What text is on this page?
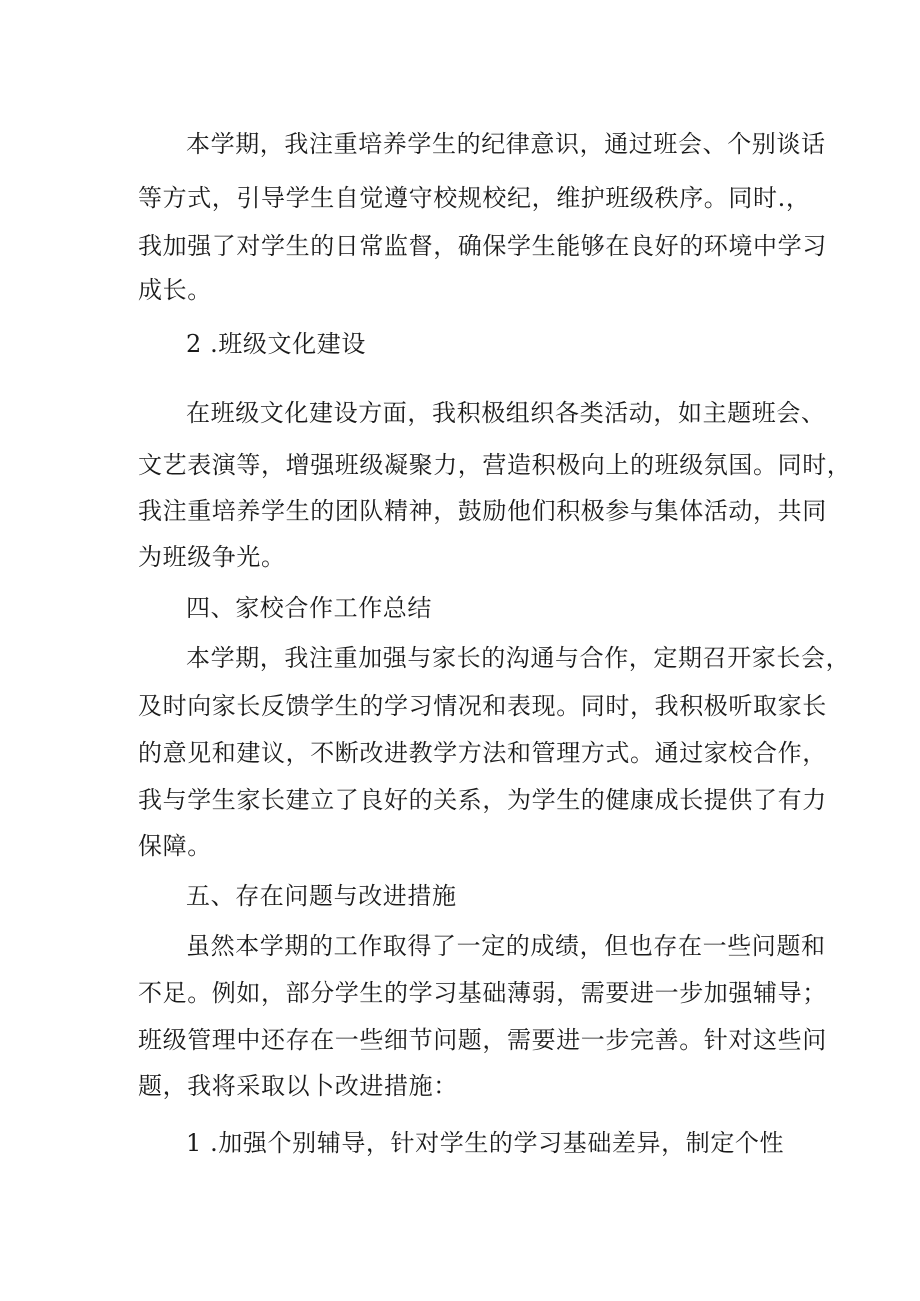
本学期，我注重培养学生的纪律意识，通过班会、个别谈话
等方式，引导学生自觉遵守校规校纪，维护班级秩序。同时.，
我加强了对学生的日常监督，确保学生能够在良好的环境中学习
成长。
2 .班级文化建设
在班级文化建设方面，我积极组织各类活动，如主题班会、
文艺表演等，增强班级凝聚力，营造积极向上的班级氛国。同时，
我注重培养学生的团队精神，鼓励他们积极参与集体活动，共同
为班级争光。
四、家校合作工作总结
本学期，我注重加强与家长的沟通与合作，定期召开家长会，
及时向家长反馈学生的学习情况和表现。同时，我积极听取家长
的意见和建议，不断改进教学方法和管理方式。通过家校合作，
我与学生家长建立了良好的关系，为学生的健康成长提供了有力
保障。
五、存在问题与改进措施
虽然本学期的工作取得了一定的成绩，但也存在一些问题和
不足。例如，部分学生的学习基础薄弱，需要进一步加强辅导；
班级管理中还存在一些细节问题，需要进一步完善。针对这些问
题，我将采取以卜改进措施：
1 .加强个别辅导，针对学生的学习基础差异，制定个性
